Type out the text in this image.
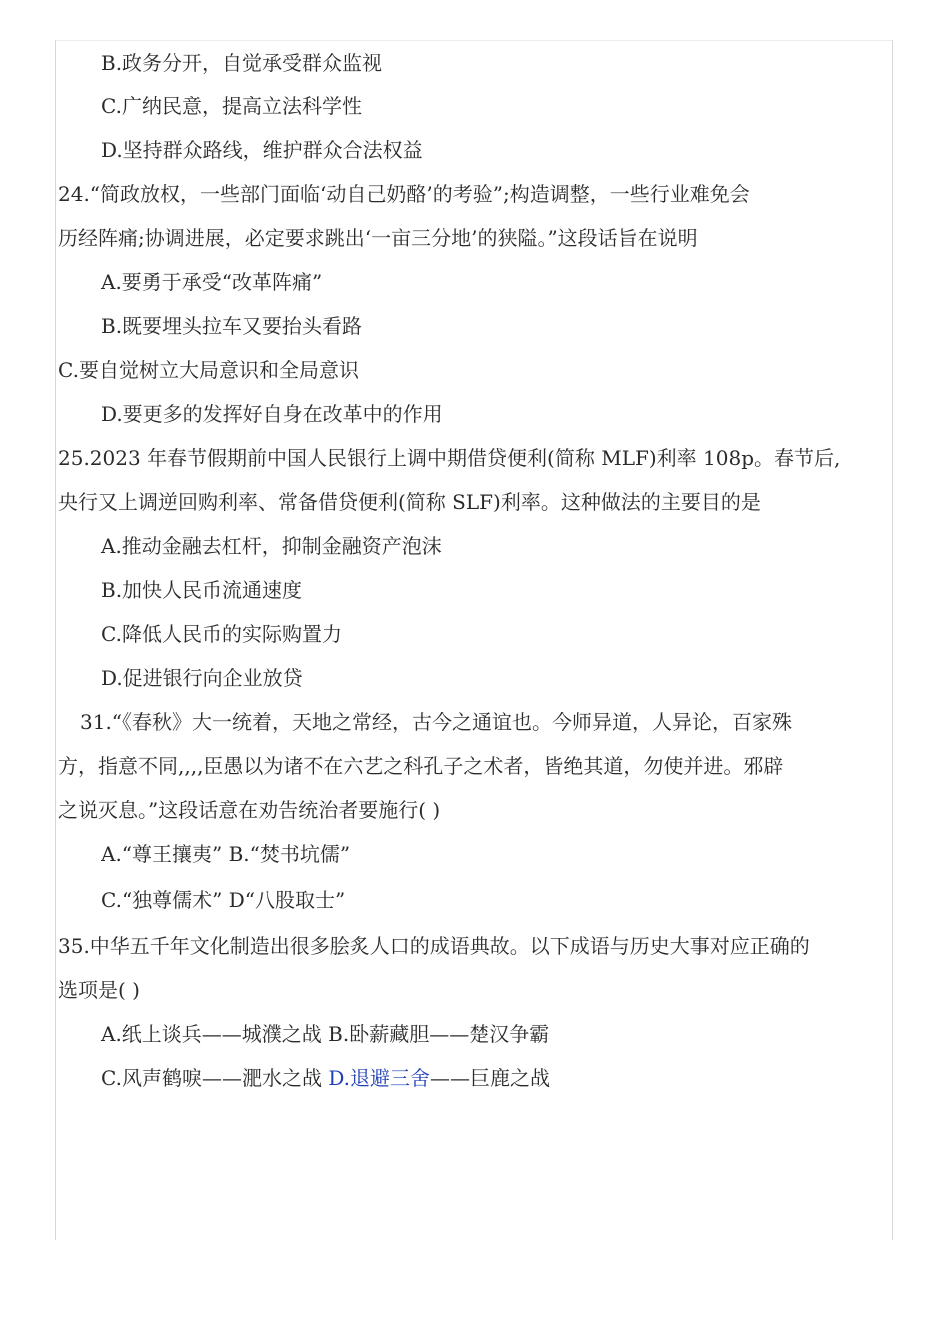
B.政务分开，自觉承受群众监视
C.广纳民意，提高立法科学性
D.坚持群众路线，维护群众合法权益
24.“简政放权，一些部门面临‘动自己奶酪’的考验”;构造调整，一些行业难免会
历经阵痛;协调进展，必定要求跳出‘一亩三分地’的狭隘。”这段话旨在说明
A.要勇于承受“改革阵痛”
B.既要埋头拉车又要抬头看路
C.要自觉树立大局意识和全局意识
D.要更多的发挥好自身在改革中的作用
25.2023 年春节假期前中国人民银行上调中期借贷便利(简称 MLF)利率 108p。春节后,
央行又上调逆回购利率、常备借贷便利(简称 SLF)利率。这种做法的主要目的是
A.推动金融去杠杆，抑制金融资产泡沫
B.加快人民币流通速度
C.降低人民币的实际购置力
D.促进银行向企业放贷
31.“《春秋》大一统着，天地之常经，古今之通谊也。今师异道，人异论，百家殊
方，指意不同,,,,臣愚以为诸不在六艺之科孔子之术者，皆绝其道，勿使并进。邪辟
之说灭息。”这段话意在劝告统治者要施行( )
A.“尊王攘夷” B.“焚书坑儒”
C.“独尊儒术” D“八股取士”
35.中华五千年文化制造出很多脍炙人口的成语典故。以下成语与历史大事对应正确的
选项是( )
A.纸上谈兵——城濮之战 B.卧薪藏胆——楚汉争霸
C.风声鹤唳——淝水之战 D.退避三舍——巨鹿之战
